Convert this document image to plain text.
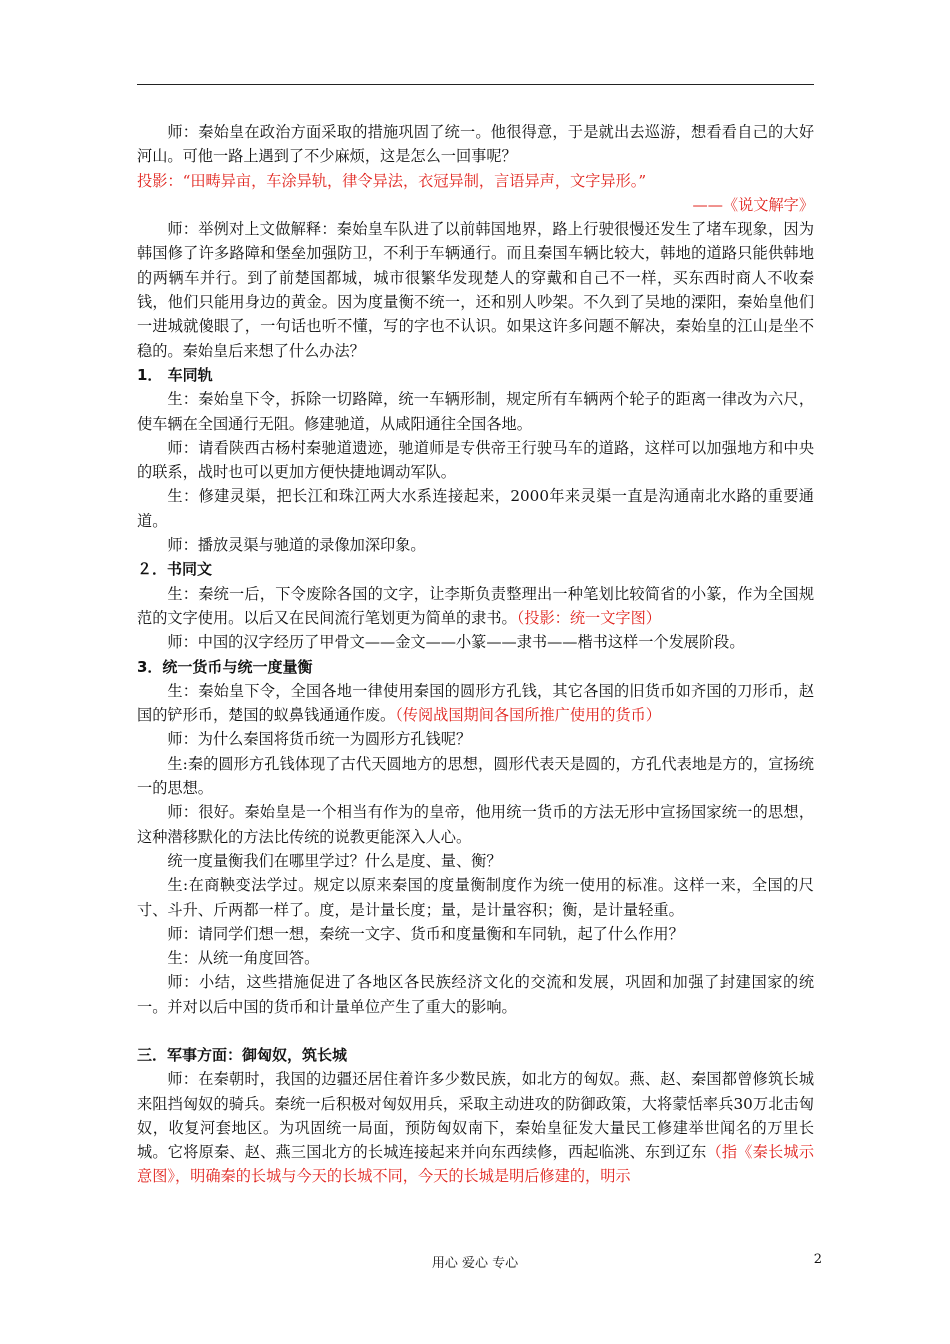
师：秦始皇在政治方面采取的措施巩固了统一。他很得意，于是就出去巡游，想看看自己的大好河山。可他一路上遇到了不少麻烦，这是怎么一回事呢？

投影：“田畴异亩，车涂异轨，律令异法，衣冠异制，言语异声，文字异形。”

——《说文解字》

师：举例对上文做解释：秦始皇车队进了以前韩国地界，路上行驶很慢还发生了堵车现象，因为韩国修了许多路障和堡垒加强防卫，不利于车辆通行。而且秦国车辆比较大，韩地的道路只能供韩地的两辆车并行。到了前楚国都城，城市很繁华发现楚人的穿戴和自己不一样，买东西时商人不收秦钱，他们只能用身边的黄金。因为度量衡不统一，还和别人吵架。不久到了吴地的溧阳，秦始皇他们一进城就傻眼了，一句话也听不懂，写的字也不认识。如果这许多问题不解决，秦始皇的江山是坐不稳的。秦始皇后来想了什么办法？

1． 车同轨

生：秦始皇下令，拆除一切路障，统一车辆形制，规定所有车辆两个轮子的距离一律改为六尺，使车辆在全国通行无阻。修建驰道，从咸阳通往全国各地。

师：请看陕西古杨村秦驰道遗迹，驰道师是专供帝王行驶马车的道路，这样可以加强地方和中央的联系，战时也可以更加方便快捷地调动军队。

生：修建灵渠，把长江和珠江两大水系连接起来，2000年来灵渠一直是沟通南北水路的重要通道。

师：播放灵渠与驰道的录像加深印象。

２．书同文

生：秦统一后，下令废除各国的文字，让李斯负责整理出一种笔划比较简省的小篆，作为全国规范的文字使用。以后又在民间流行笔划更为简单的隶书。（投影：统一文字图）

师：中国的汉字经历了甲骨文——金文——小篆——隶书——楷书这样一个发展阶段。

3．统一货币与统一度量衡

生：秦始皇下令，全国各地一律使用秦国的圆形方孔钱，其它各国的旧货币如齐国的刀形币，赵国的铲形币，楚国的蚁鼻钱通通作废。（传阅战国期间各国所推广使用的货币）

师：为什么秦国将货币统一为圆形方孔钱呢？

生:秦的圆形方孔钱体现了古代天圆地方的思想，圆形代表天是圆的，方孔代表地是方的，宣扬统一的思想。

师：很好。秦始皇是一个相当有作为的皇帝，他用统一货币的方法无形中宣扬国家统一的思想，这种潜移默化的方法比传统的说教更能深入人心。

统一度量衡我们在哪里学过？什么是度、量、衡？

生:在商鞅变法学过。规定以原来秦国的度量衡制度作为统一使用的标准。这样一来，全国的尺寸、斗升、斤两都一样了。度，是计量长度；量，是计量容积；衡，是计量轻重。

师：请同学们想一想，秦统一文字、货币和度量衡和车同轨，起了什么作用？

生：从统一角度回答。

师：小结，这些措施促进了各地区各民族经济文化的交流和发展，巩固和加强了封建国家的统一。并对以后中国的货币和计量单位产生了重大的影响。

三．军事方面：御匈奴，筑长城

师：在秦朝时，我国的边疆还居住着许多少数民族，如北方的匈奴。燕、赵、秦国都曾修筑长城来阻挡匈奴的骑兵。秦统一后积极对匈奴用兵，采取主动进攻的防御政策，大将蒙恬率兵30万北击匈奴，收复河套地区。为巩固统一局面，预防匈奴南下，秦始皇征发大量民工修建举世闻名的万里长城。它将原秦、赵、燕三国北方的长城连接起来并向东西续修，西起临洮、东到辽东（指《秦长城示意图》，明确秦的长城与今天的长城不同，今天的长城是明后修建的，明示

用心 爱心 专心	2
